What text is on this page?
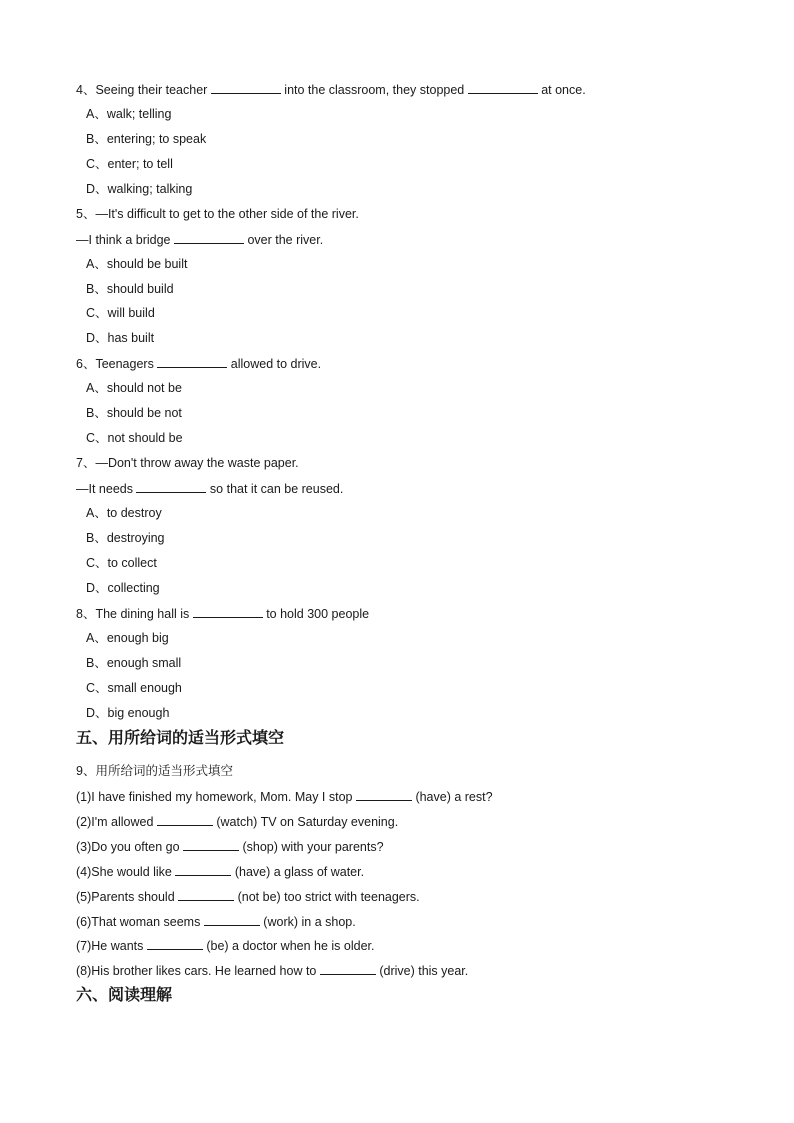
4、Seeing their teacher	into the classroom, they stopped	at once.
A、walk; telling
B、entering; to speak
C、enter; to tell
D、walking; talking
5、—It's difficult to get to the other side of the river.
—I think a bridge	over the river.
A、should be built
B、should build
C、will build
D、has built
6、Teenagers	allowed to drive.
A、should not be
B、should be not
C、not should be
7、—Don't throw away the waste paper.
—It needs	so that it can be reused.
A、to destroy
B、destroying
C、to collect
D、collecting
8、The dining hall is	to hold 300 people
A、enough big
B、enough small
C、small enough
D、big enough
五、用所给词的适当形式填空
9、用所给词的适当形式填空
(1)I have finished my homework, Mom. May I stop	(have) a rest?
(2)I'm allowed	(watch) TV on Saturday evening.
(3)Do you often go	(shop) with your parents?
(4)She would like	(have) a glass of water.
(5)Parents should	(not be) too strict with teenagers.
(6)That woman seems	(work) in a shop.
(7)He wants	(be) a doctor when he is older.
(8)His brother likes cars. He learned how to	(drive) this year.
六、阅读理解
